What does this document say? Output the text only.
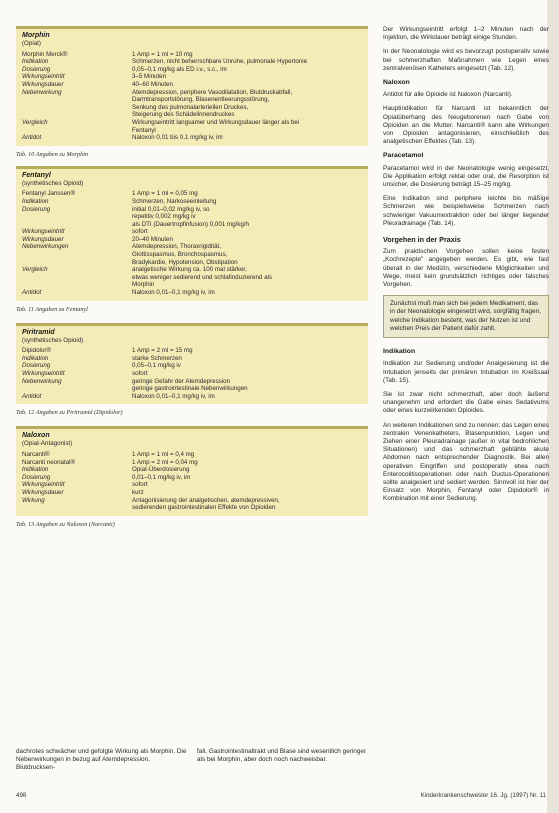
Morphin
(Opiat)
Morphin Merck®	1 Amp = 1 ml = 10 mg
Indikation	Schmerzen, nicht beherrschbare Unruhe, pulmonale Hypertonie
Dosierung	0,05–0,1 mg/kg als ED i.v., s.c., im
Wirkungseintritt	3–5 Minuten
Wirkungsdauer	40–60 Minuten
Nebenwirkung	Atemdepression, periphere Vasodilatation, Blutdruckabfall,
Darmtransportstörung, Blasenentleerungsstörung,
Senkung des pulmonalarteriellen Druckes,
Steigerung des Schädelinnendruckes
Vergleich	Wirkungseintritt langsamer und Wirkungsdauer länger als bei
Fentanyl
Antidot	Naloxon 0,01 bis 0,1 mg/kg iv, im

Tab. 10 Angaben zu Morphin

Fentanyl
(synthetisches Opioid)
Fentanyl Janssen®	1 Amp = 1 ml = 0,05 mg
Indikation	Schmerzen, Narkoseeinleitung
Dosierung	initial 0,01–0,02 mg/kg iv, so
repetitiv 0,002 mg/kg iv
als DTI (Dauertropfinfusion) 0,001 mg/kg/h
Wirkungseintritt	sofort
Wirkungsdauer	20–40 Minuten
Nebenwirkungen	Atemdepression, Thoraxrigidität,
Glottisspasmus, Bronchospasmus,
Bradykardie, Hypotension, Obstipation
Vergleich	analgetische Wirkung ca. 100 mal stärker,
etwas weniger sedierend und schlafinduzierend als
Morphin
Antidot	Naloxon 0,01–0,1 mg/kg iv, im

Tab. 11 Angaben zu Fentanyl

Piritramid
(synthetisches Opioid)
Dipidolor®	1 Amp = 2 ml = 15 mg
Indikation	starke Schmerzen
Dosierung	0,05–0,1 mg/kg iv
Wirkungseintritt	sofort
Nebenwirkung	geringe Gefahr der Atemdepression
geringe gastrointestinale Nebenwirkungen
Antidot	Naloxon 0,01–0,1 mg/kg iv, im

Tab. 12 Angaben zu Piritramid (Dipidolor)

Naloxon
(Opiat-Antagonist)
Narcanti®	1 Amp = 1 ml = 0,4 mg
Narcanti neonatal®	1 Amp = 2 ml = 0,04 mg
Indikation	Opiat-Überdosierung
Dosierung	0,01–0,1 mg/kg iv, im
Wirkungseintritt	sofort
Wirkungsdauer	kurz
Wirkung	Antagonisierung der analgetischen, atemdepressiven,
sedierenden gastrointestinalen Effekte von Opioiden

Tab. 13 Angaben zu Naloxon (Narcanti)

dachrotes schwächer und gefolgte Wirkung als Morphin. Die Nebenwirkungen in bezug auf Atemdepression, Blutdrucksen-

fall, Gastrointestinaltrakt und Blase sind wesentlich geringer als bei Morphin, aber doch noch nachweisbar.

Der Wirkungseintritt erfolgt 1–2 Minuten nach der Injektion, die Wirkdauer beträgt einige Stunden.

In der Neonatologie wird es bevorzugt postoperativ sowie bei schmerzhaften Maßnahmen wie Legen eines zentralvenösen Katheters eingesetzt (Tab. 12).

Naloxon

Antidot für alle Opioide ist Naloxon (Narcanti).

Hauptindikation für Narcanti ist bekanntlich der Opiatüberhang des Neugeborenen nach Gabe von Opioiden an die Mutter. Narcanti® kann alle Wirkungen von Opioiden antagonisieren, einschließlich des analgetischen Effektes (Tab. 13).

Paracetamol

Paracetamol wird in der Neonatologie wenig eingesetzt. Die Applikation erfolgt rektal oder oral, die Resorption ist unsicher, die Dosierung beträgt 15–25 mg/kg.

Eine Indikation sind periphere leichte bis mäßige Schmerzen wie beispielsweise Schmerzen nach schwieriger Vakuumextraktion oder bei länger liegender Pleuradrainage (Tab. 14).

Vorgehen in der Praxis

Zum praktischen Vorgehen sollen keine festen „Kochrezepte" angegeben werden. Es gibt, wie fast überall in der Medizin, verschiedene Möglichkeiten und Wege, meist kein grundsätzlich richtiges oder falsches Vorgehen.

Zunächst muß man sich bei jedem Medikament, das in der Neonatologie eingesetzt wird, sorgfältig fragen, welche Indikation besteht, was der Nutzen ist und welchen Preis der Patient dafür zahlt.
Indikation

Indikation zur Sedierung und/oder Analgesierung ist die Intubation jenseits der primären Intubation im Kreißsaal (Tab. 15).

Sie ist zwar nicht schmerzhaft, aber doch äußerst unangenehm und erfordert die Gabe eines Sedativums oder eines kurzwirkenden Opioides.

An weiteren Indikationen sind zu nennen: das Legen eines zentralen Venenkatheters, Blasenpunktion, Legen und Ziehen einer Pleuradrainage (außer in vital bedrohlichen Situationen) und das schmerzhaft geblähte akute Abdomen nach entsprechender Diagnostik. Bei allen operativen Eingriffen und postoperativ etwa nach Enterocolitisoperationen oder nach Ductus-Operationen sollte analgesiert und sediert werden. Sinnvoll ist hier der Einsatz von Morphin, Fentanyl oder Dipidolor® in Kombination mit einer Sedierung.

498	Kinderkrankenschwester 16. Jg. (1997) Nr. 11
